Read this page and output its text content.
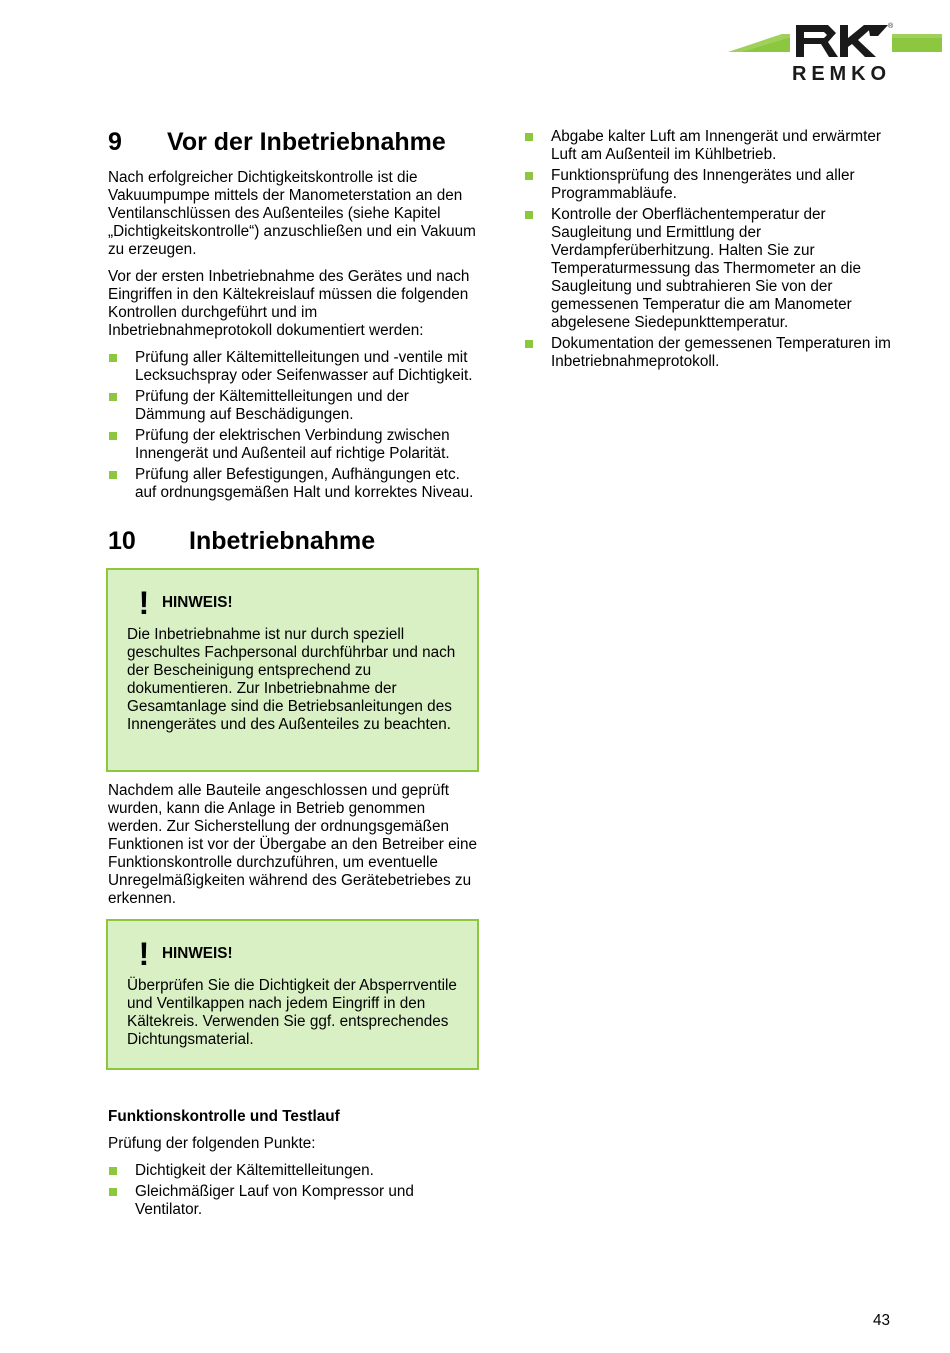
®
REMKO
9	Vor der Inbetriebnahme

Nach erfolgreicher Dichtigkeitskontrolle ist die Vakuumpumpe mittels der Manometerstation an den Ventilanschlüssen des Außenteiles (siehe Kapitel „Dichtigkeitskontrolle“) anzuschließen und ein Vakuum zu erzeugen.

Vor der ersten Inbetriebnahme des Gerätes und nach Eingriffen in den Kältekreislauf müssen die folgenden Kontrollen durchgeführt und im Inbetriebnahmeprotokoll dokumentiert werden:

Prüfung aller Kältemittelleitungen und -ventile mit Lecksuchspray oder Seifenwasser auf Dichtigkeit.
Prüfung der Kältemittelleitungen und der Dämmung auf Beschädigungen.
Prüfung der elektrischen Verbindung zwischen Innengerät und Außenteil auf richtige Polarität.
Prüfung aller Befestigungen, Aufhängungen etc. auf ordnungsgemäßen Halt und korrektes Niveau.
10	Inbetriebnahme
! HINWEIS!

Die Inbetriebnahme ist nur durch speziell geschultes Fachpersonal durchführbar und nach der Bescheinigung entsprechend zu dokumentieren. Zur Inbetriebnahme der Gesamtanlage sind die Betriebsanleitungen des Innengerätes und des Außenteiles zu beachten.

Nachdem alle Bauteile angeschlossen und geprüft wurden, kann die Anlage in Betrieb genommen werden. Zur Sicherstellung der ordnungsgemäßen Funktionen ist vor der Übergabe an den Betreiber eine Funktionskontrolle durchzuführen, um eventuelle Unregelmäßigkeiten während des Gerätebetriebes zu erkennen.

! HINWEIS!

Überprüfen Sie die Dichtigkeit der Absperrventile und Ventilkappen nach jedem Eingriff in den Kältekreis. Verwenden Sie ggf. entsprechendes Dichtungsmaterial.

Funktionskontrolle und Testlauf

Prüfung der folgenden Punkte:

Dichtigkeit der Kältemittelleitungen.
Gleichmäßiger Lauf von Kompressor und Ventilator.
Abgabe kalter Luft am Innengerät und erwärmter Luft am Außenteil im Kühlbetrieb.
Funktionsprüfung des Innengerätes und aller Programmabläufe.
Kontrolle der Oberflächentemperatur der Saugleitung und Ermittlung der Verdampferüberhitzung. Halten Sie zur Temperaturmessung das Thermometer an die Saugleitung und subtrahieren Sie von der gemessenen Temperatur die am Manometer abgelesene Siedepunkttemperatur.
Dokumentation der gemessenen Temperaturen im Inbetriebnahmeprotokoll.
43
